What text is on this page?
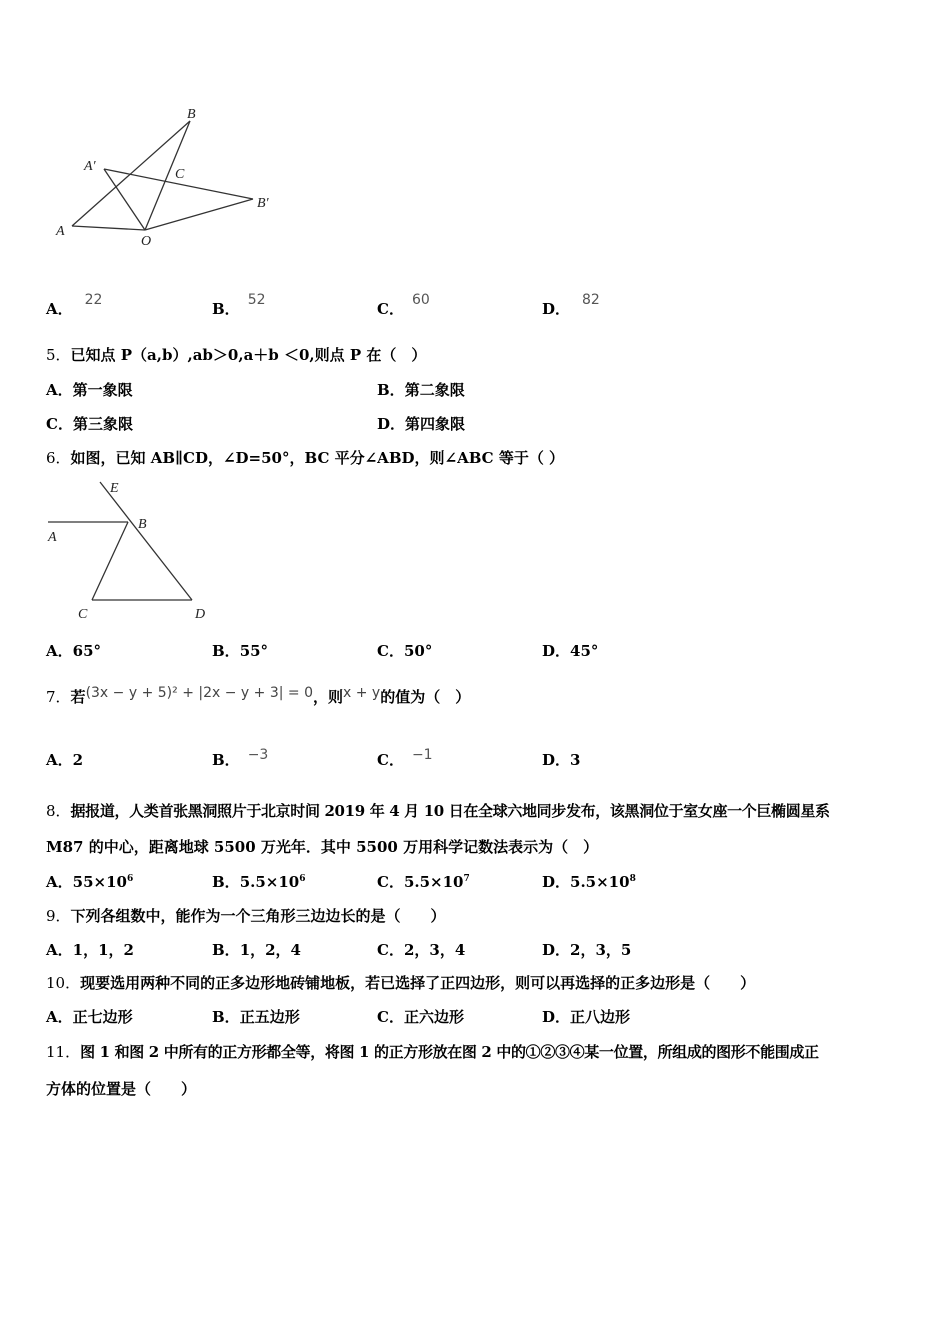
B
A′
C
B′
A
O
A． 22	B． 52	C． 60	D． 82
5．已知点 P（a,b）,ab＞0,a＋b ＜0,则点 P 在（　）
A．第一象限	B．第二象限
C．第三象限	D．第四象限
6．如图，已知 AB∥CD，∠D=50°，BC 平分∠ABD，则∠ABC 等于（ ）
E
A
B
C	D
A．65°	B．55°	C．50°	D．45°
7．若(3x − y + 5)² + |2x − y + 3| = 0，则x + y的值为（　）
A．2	B． −3	C． −1	D．3
8．据报道，人类首张黑洞照片于北京时间 2019 年 4 月 10 日在全球六地同步发布，该黑洞位于室女座一个巨椭圆星系
M87 的中心，距离地球 5500 万光年．其中 5500 万用科学记数法表示为（　）
A．$55\times 10^6$	B．$5.5\times 10^6$	C．$5.5\times 10^7$	D．$5.5\times 10^8$
9．下列各组数中，能作为一个三角形三边边长的是（　　）
A．1，1，2	B．1，2，4	C．2，3，4	D．2，3，5
10．现要选用两种不同的正多边形地砖铺地板，若已选择了正四边形，则可以再选择的正多边形是（　　）
A．正七边形	B．正五边形	C．正六边形	D．正八边形
11．图 1 和图 2 中所有的正方形都全等，将图 1 的正方形放在图 2 中的①②③④某一位置，所组成的图形不能围成正
方体的位置是（　　）
